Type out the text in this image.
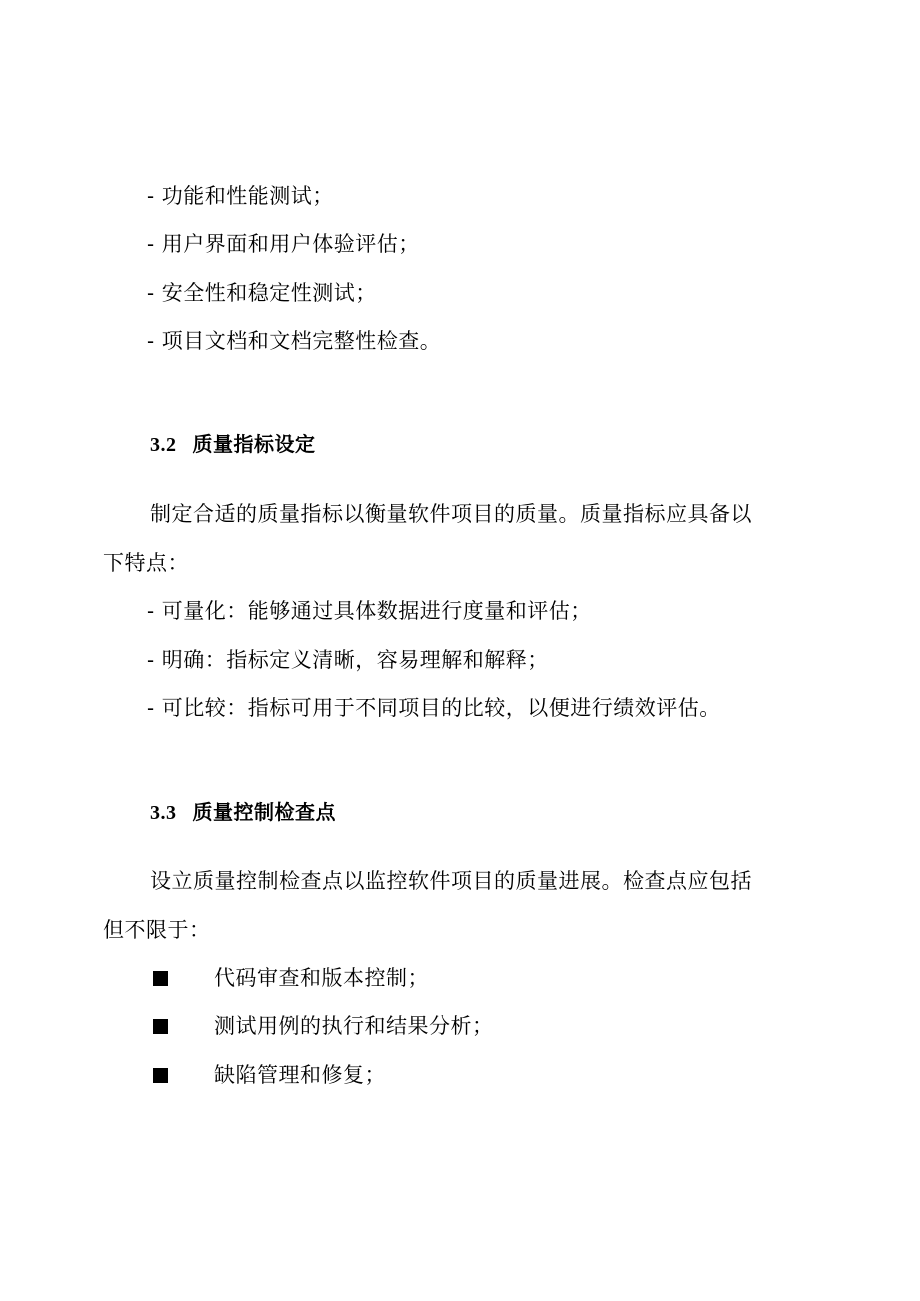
- 功能和性能测试；
- 用户界面和用户体验评估；
- 安全性和稳定性测试；
- 项目文档和文档完整性检查。
3.2 质量指标设定
制定合适的质量指标以衡量软件项目的质量。质量指标应具备以
下特点：
- 可量化：能够通过具体数据进行度量和评估；
- 明确：指标定义清晰，容易理解和解释；
- 可比较：指标可用于不同项目的比较，以便进行绩效评估。
3.3 质量控制检查点
设立质量控制检查点以监控软件项目的质量进展。检查点应包括
但不限于：
代码审查和版本控制；
测试用例的执行和结果分析；
缺陷管理和修复；
